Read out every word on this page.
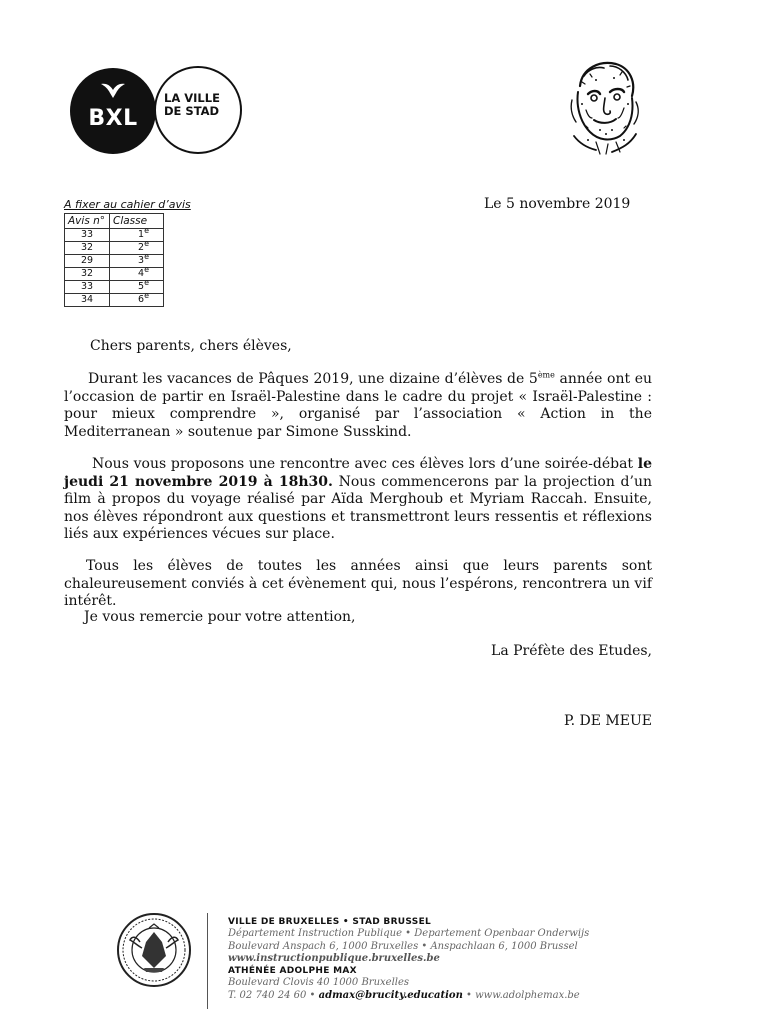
BXL
LA VILLE
DE STAD
A fixer au cahier d’avis
Avis n°	Classe
33	1e
32	2e
29	3e
32	4e
33	5e
34	6e
Le 5 novembre 2019
Chers parents, chers élèves,
Durant les vacances de Pâques 2019, une dizaine d’élèves de 5ème année ont eu l’occasion de partir en Israël-Palestine dans le cadre du projet « Israël-Palestine : pour mieux comprendre », organisé par l’association « Action in the Mediterranean » soutenue par Simone Susskind.
Nous vous proposons une rencontre avec ces élèves lors d’une soirée-débat le jeudi 21 novembre 2019 à 18h30. Nous commencerons par la projection d’un film à propos du voyage réalisé par Aïda Merghoub et Myriam Raccah. Ensuite, nos élèves répondront aux questions et transmettront leurs ressentis et réflexions liés aux expériences vécues sur place.
Tous les élèves de toutes les années ainsi que leurs parents sont chaleureusement conviés à cet évènement qui, nous l’espérons, rencontrera un vif intérêt.
Je vous remercie pour votre attention,
La Préfète des Etudes,
P. DE MEUE
VILLE DE BRUXELLES • STAD BRUSSEL
Département Instruction Publique • Departement Openbaar Onderwijs
Boulevard Anspach 6, 1000 Bruxelles • Anspachlaan 6, 1000 Brussel
www.instructionpublique.bruxelles.be
ATHÉNÉE ADOLPHE MAX
Boulevard Clovis 40 1000 Bruxelles
T. 02 740 24 60 • admax@brucity.education • www.adolphemax.be
